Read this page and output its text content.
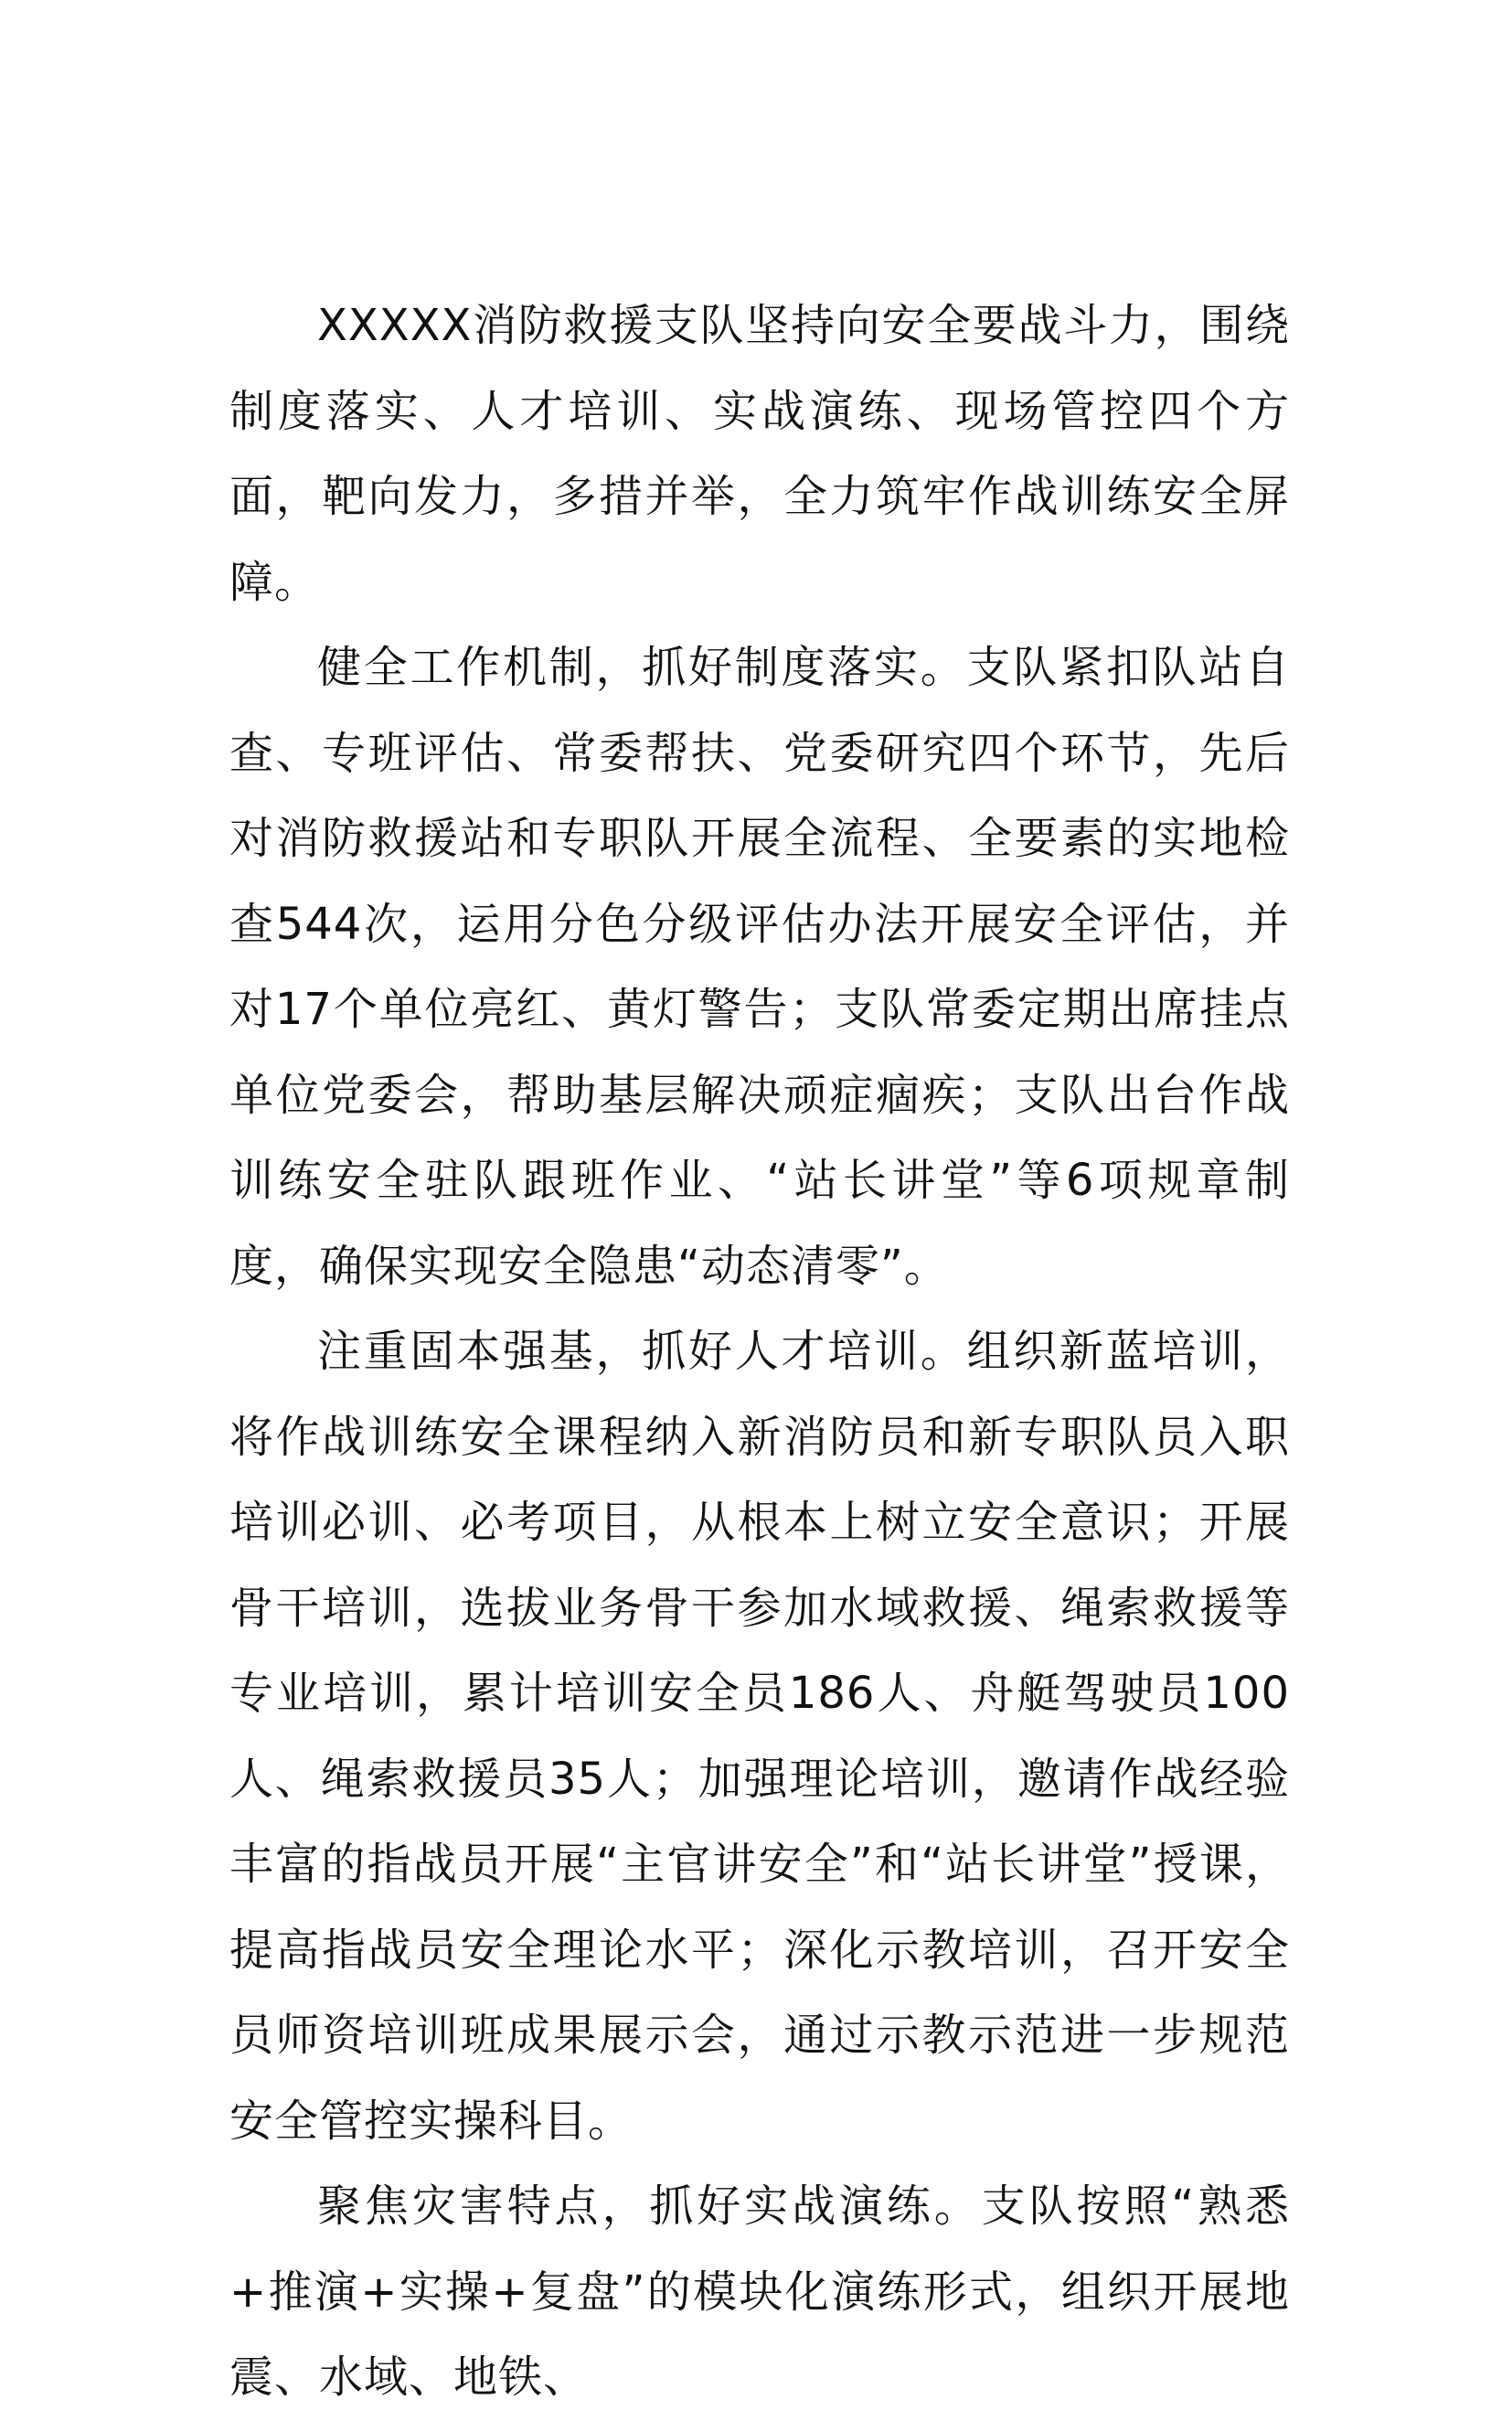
XXXXX消防救援支队坚持向安全要战斗力，围绕制度落实、人才培训、实战演练、现场管控四个方面，靶向发力，多措并举，全力筑牢作战训练安全屏障。

健全工作机制，抓好制度落实。支队紧扣队站自查、专班评估、常委帮扶、党委研究四个环节，先后对消防救援站和专职队开展全流程、全要素的实地检查544次，运用分色分级评估办法开展安全评估，并对17个单位亮红、黄灯警告；支队常委定期出席挂点单位党委会，帮助基层解决顽症痼疾；支队出台作战训练安全驻队跟班作业、“站长讲堂”等6项规章制度，确保实现安全隐患“动态清零”。

注重固本强基，抓好人才培训。组织新蓝培训，将作战训练安全课程纳入新消防员和新专职队员入职培训必训、必考项目，从根本上树立安全意识；开展骨干培训，选拔业务骨干参加水域救援、绳索救援等专业培训，累计培训安全员186人、舟艇驾驶员100人、绳索救援员35人；加强理论培训，邀请作战经验丰富的指战员开展“主官讲安全”和“站长讲堂”授课，提高指战员安全理论水平；深化示教培训，召开安全员师资培训班成果展示会，通过示教示范进一步规范安全管控实操科目。

聚焦灾害特点，抓好实战演练。支队按照“熟悉+推演+实操+复盘”的模块化演练形式，组织开展地震、水域、地铁、
